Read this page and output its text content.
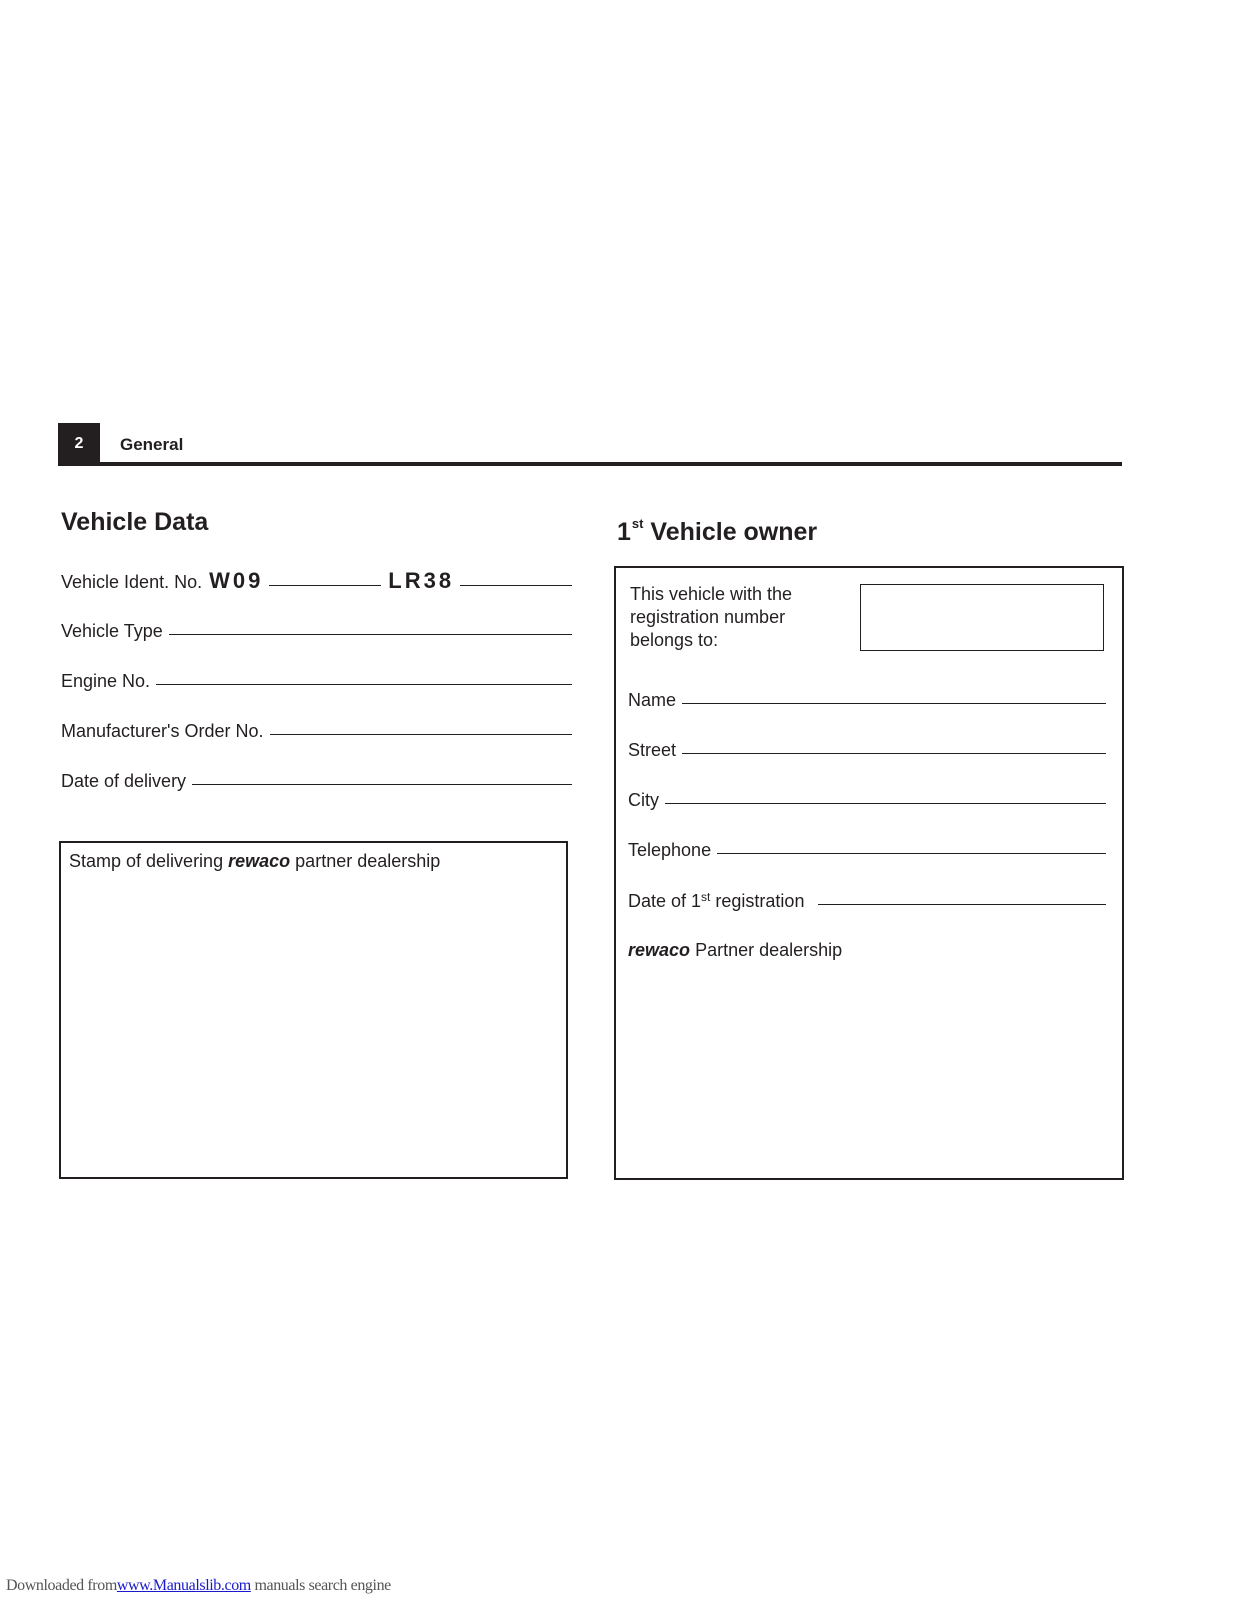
2	General
Vehicle Data
Vehicle Ident. No. W09	LR38
Vehicle Type
Engine No.
Manufacturer's Order No.
Date of delivery
Stamp of delivering rewaco partner dealership
1st Vehicle owner
This vehicle with the
registration number
belongs to:
Name
Street
City
Telephone
Date of 1st registration
rewaco Partner dealership
Downloaded fromwww.Manualslib.com manuals search engine
